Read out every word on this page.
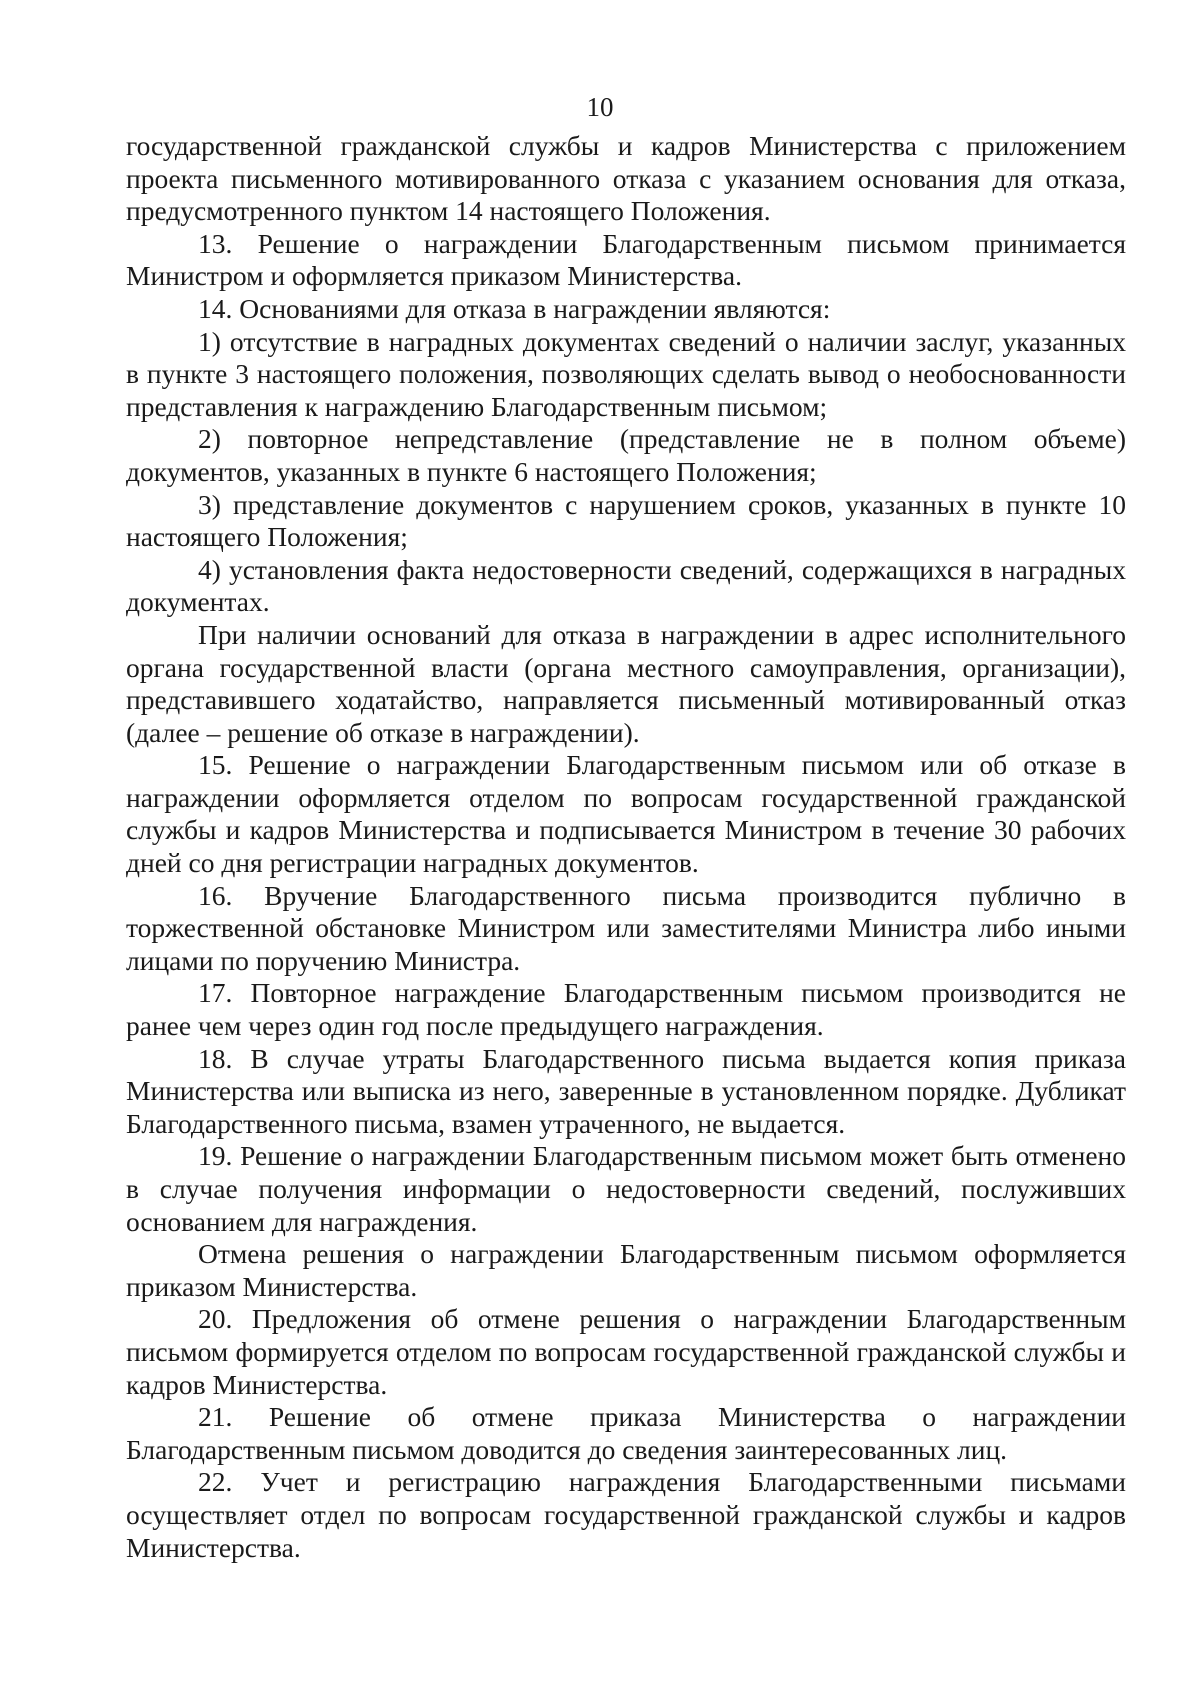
10

государственной гражданской службы и кадров Министерства с приложением проекта письменного мотивированного отказа с указанием основания для отказа, предусмотренного пунктом 14 настоящего Положения.

13. Решение о награждении Благодарственным письмом принимается Министром и оформляется приказом Министерства.

14. Основаниями для отказа в награждении являются:

1) отсутствие в наградных документах сведений о наличии заслуг, указанных в пункте 3 настоящего положения, позволяющих сделать вывод о необоснованности представления к награждению Благодарственным письмом;

2) повторное непредставление (представление не в полном объеме) документов, указанных в пункте 6 настоящего Положения;

3) представление документов с нарушением сроков, указанных в пункте 10 настоящего Положения;

4) установления факта недостоверности сведений, содержащихся в наградных документах.

При наличии оснований для отказа в награждении в адрес исполнительного органа государственной власти (органа местного самоуправления, организации), представившего ходатайство, направляется письменный мотивированный отказ (далее – решение об отказе в награждении).

15. Решение о награждении Благодарственным письмом или об отказе в награждении оформляется отделом по вопросам государственной гражданской службы и кадров Министерства и подписывается Министром в течение 30 рабочих дней со дня регистрации наградных документов.

16. Вручение Благодарственного письма производится публично в торжественной обстановке Министром или заместителями Министра либо иными лицами по поручению Министра.

17. Повторное награждение Благодарственным письмом производится не ранее чем через один год после предыдущего награждения.

18. В случае утраты Благодарственного письма выдается копия приказа Министерства или выписка из него, заверенные в установленном порядке. Дубликат Благодарственного письма, взамен утраченного, не выдается.

19. Решение о награждении Благодарственным письмом может быть отменено в случае получения информации о недостоверности сведений, послуживших основанием для награждения.

Отмена решения о награждении Благодарственным письмом оформляется приказом Министерства.

20. Предложения об отмене решения о награждении Благодарственным письмом формируется отделом по вопросам государственной гражданской службы и кадров Министерства.

21. Решение об отмене приказа Министерства о награждении Благодарственным письмом доводится до сведения заинтересованных лиц.

22. Учет и регистрацию награждения Благодарственными письмами осуществляет отдел по вопросам государственной гражданской службы и кадров Министерства.
